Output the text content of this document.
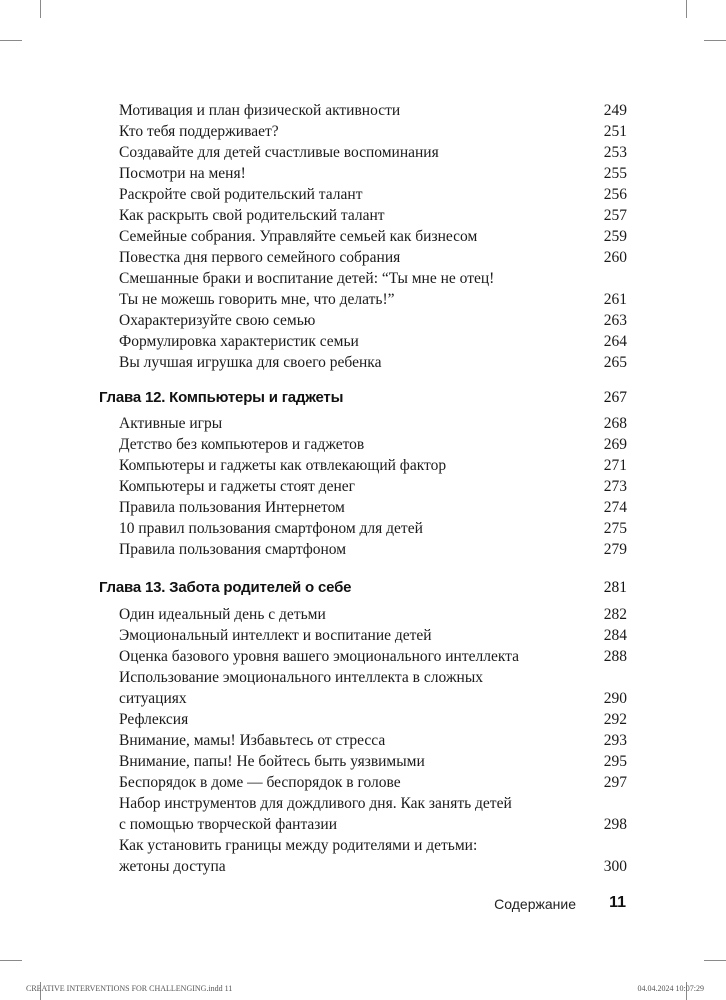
Мотивация и план физической активности	249
Кто тебя поддерживает?	251
Создавайте для детей счастливые воспоминания	253
Посмотри на меня!	255
Раскройте свой родительский талант	256
Как раскрыть свой родительский талант	257
Семейные собрания. Управляйте семьей как бизнесом	259
Повестка дня первого семейного собрания	260
Смешанные браки и воспитание детей: “Ты мне не отец!
Ты не можешь говорить мне, что делать!”	261
Охарактеризуйте свою семью	263
Формулировка характеристик семьи	264
Вы лучшая игрушка для своего ребенка	265
Глава 12. Компьютеры и гаджеты	267
Активные игры	268
Детство без компьютеров и гаджетов	269
Компьютеры и гаджеты как отвлекающий фактор	271
Компьютеры и гаджеты стоят денег	273
Правила пользования Интернетом	274
10 правил пользования смартфоном для детей	275
Правила пользования смартфоном	279
Глава 13. Забота родителей о себе	281
Один идеальный день с детьми	282
Эмоциональный интеллект и воспитание детей	284
Оценка базового уровня вашего эмоционального интеллекта	288
Использование эмоционального интеллекта в сложных
ситуациях	290
Рефлексия	292
Внимание, мамы! Избавьтесь от стресса	293
Внимание, папы! Не бойтесь быть уязвимыми	295
Беспорядок в доме — беспорядок в голове	297
Набор инструментов для дождливого дня. Как занять детей
с помощью творческой фантазии	298
Как установить границы между родителями и детьми:
жетоны доступа	300
Содержание 11
CREATIVE INTERVENTIONS FOR CHALLENGING.indd 11	04.04.2024 10:07:29
